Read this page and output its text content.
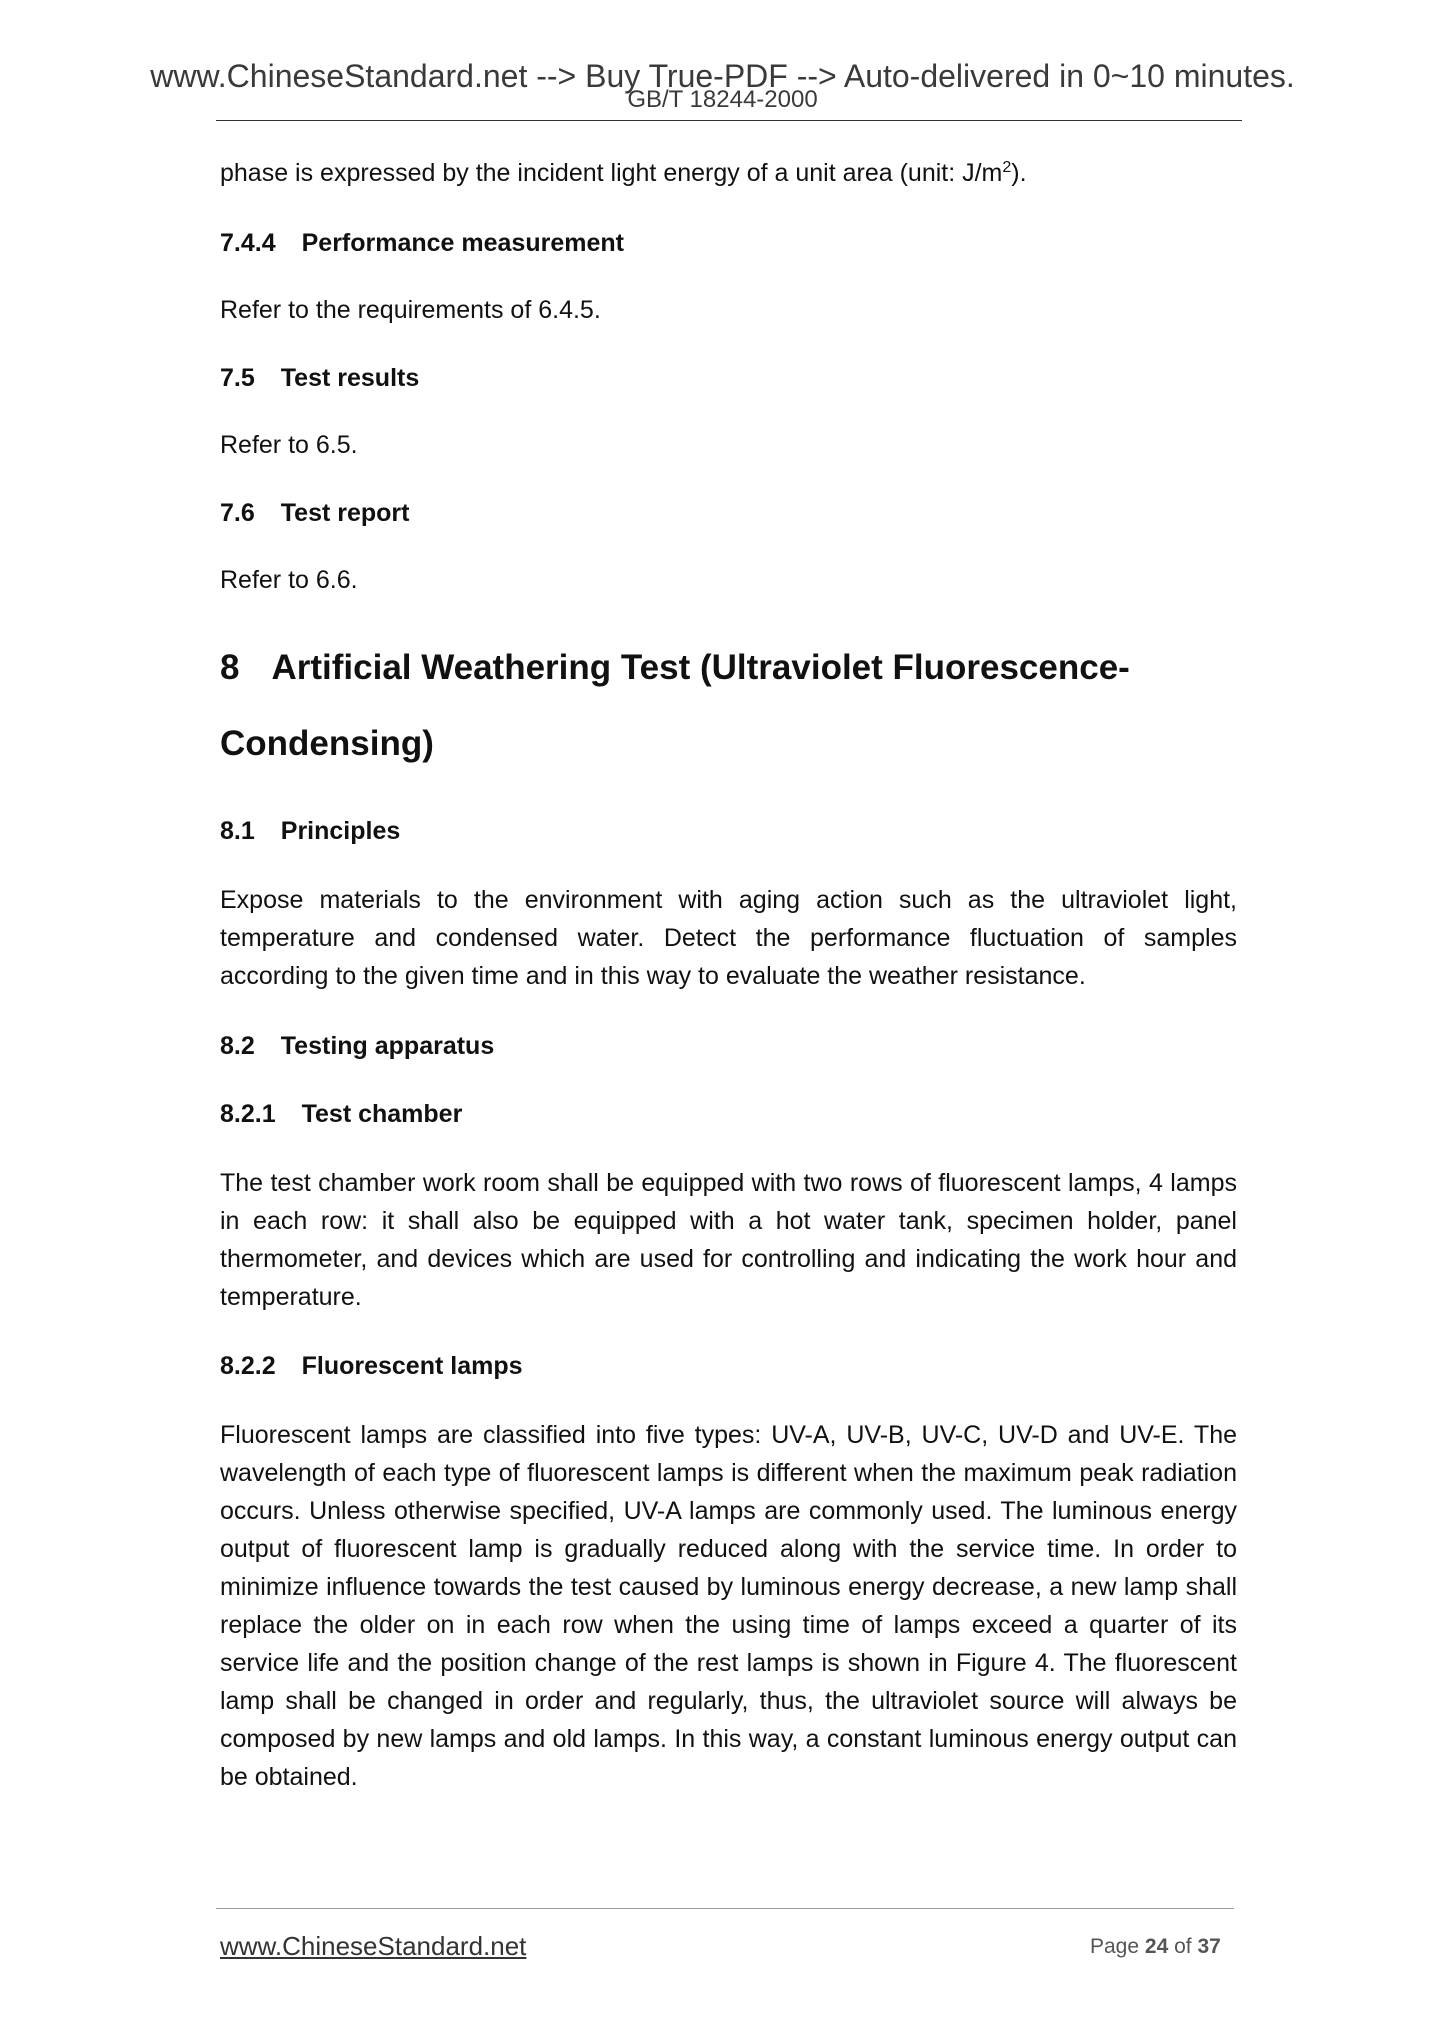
www.ChineseStandard.net --> Buy True-PDF --> Auto-delivered in 0~10 minutes.
GB/T 18244-2000

phase is expressed by the incident light energy of a unit area (unit: $J/m^2$).

7.4.4 Performance measurement

Refer to the requirements of 6.4.5.

7.5 Test results

Refer to 6.5.

7.6 Test report

Refer to 6.6.

8 Artificial Weathering Test (Ultraviolet Fluorescence-
Condensing)
8.1 Principles

Expose materials to the environment with aging action such as the ultraviolet light, temperature and condensed water. Detect the performance fluctuation of samples according to the given time and in this way to evaluate the weather resistance.

8.2 Testing apparatus
8.2.1 Test chamber

The test chamber work room shall be equipped with two rows of fluorescent lamps, 4 lamps in each row: it shall also be equipped with a hot water tank, specimen holder, panel thermometer, and devices which are used for controlling and indicating the work hour and temperature.

8.2.2 Fluorescent lamps

Fluorescent lamps are classified into five types: UV-A, UV-B, UV-C, UV-D and UV-E. The wavelength of each type of fluorescent lamps is different when the maximum peak radiation occurs. Unless otherwise specified, UV-A lamps are commonly used. The luminous energy output of fluorescent lamp is gradually reduced along with the service time. In order to minimize influence towards the test caused by luminous energy decrease, a new lamp shall replace the older on in each row when the using time of lamps exceed a quarter of its service life and the position change of the rest lamps is shown in Figure 4. The fluorescent lamp shall be changed in order and regularly, thus, the ultraviolet source will always be composed by new lamps and old lamps. In this way, a constant luminous energy output can be obtained.

www.ChineseStandard.net	Page 24 of 37
